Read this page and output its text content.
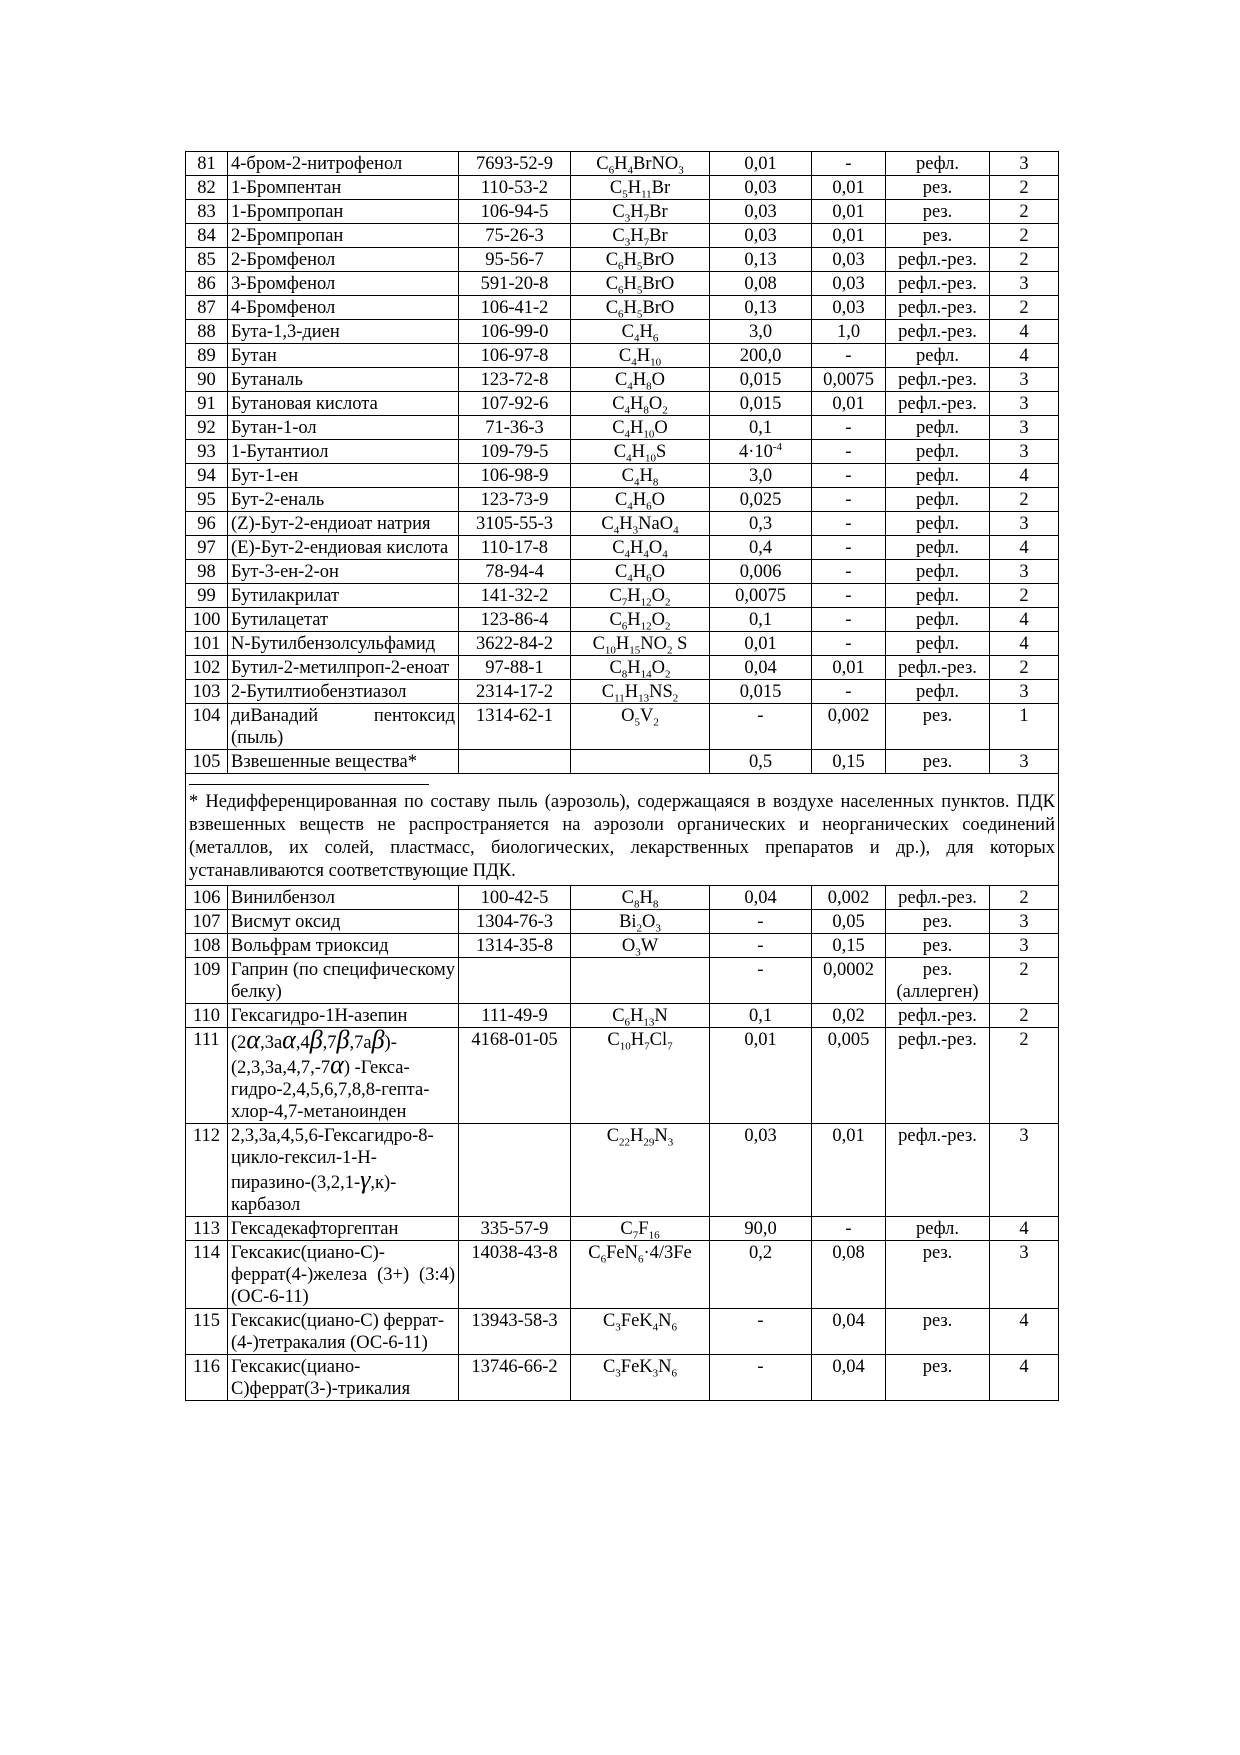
81	4-бром-2-нитрофенол	7693-52-9	$C_6H_4BrNO_3$	0,01	-	рефл.	3
82	1-Бромпентан	110-53-2	$C_5H_{11}Br$	0,03	0,01	рез.	2
83	1-Бромпропан	106-94-5	$C_3H_7Br$	0,03	0,01	рез.	2
84	2-Бромпропан	75-26-3	$C_3H_7Br$	0,03	0,01	рез.	2
85	2-Бромфенол	95-56-7	$C_6H_5BrO$	0,13	0,03	рефл.-рез.	2
86	3-Бромфенол	591-20-8	$C_6H_5BrO$	0,08	0,03	рефл.-рез.	3
87	4-Бромфенол	106-41-2	$C_6H_5BrO$	0,13	0,03	рефл.-рез.	2
88	Бута-1,3-диен	106-99-0	$C_4H_6$	3,0	1,0	рефл.-рез.	4
89	Бутан	106-97-8	$C_4H_{10}$	200,0	-	рефл.	4
90	Бутаналь	123-72-8	$C_4H_8O$	0,015	0,0075	рефл.-рез.	3
91	Бутановая кислота	107-92-6	$C_4H_8O_2$	0,015	0,01	рефл.-рез.	3
92	Бутан-1-ол	71-36-3	$C_4H_{10}O$	0,1	-	рефл.	3
93	1-Бутантиол	109-79-5	$C_4H_{10}S$	$4\cdot 10^{-4}$	-	рефл.	3
94	Бут-1-ен	106-98-9	$C_4H_8$	3,0	-	рефл.	4
95	Бут-2-еналь	123-73-9	$C_4H_6O$	0,025	-	рефл.	2
96	(Z)-Бут-2-ендиоат натрия	3105-55-3	$C_4H_3NaO_4$	0,3	-	рефл.	3
97	(E)-Бут-2-ендиовая кислота	110-17-8	$C_4H_4O_4$	0,4	-	рефл.	4
98	Бут-3-ен-2-он	78-94-4	$C_4H_6O$	0,006	-	рефл.	3
99	Бутилакрилат	141-32-2	$C_7H_{12}O_2$	0,0075	-	рефл.	2
100	Бутилацетат	123-86-4	$C_6H_{12}O_2$	0,1	-	рефл.	4
101	N-Бутилбензолсульфамид	3622-84-2	$C_{10}H_{15}NO_2$ S	0,01	-	рефл.	4
102	Бутил-2-метилпроп-2-еноат	97-88-1	$C_8H_{14}O_2$	0,04	0,01	рефл.-рез.	2
103	2-Бутилтиобензтиазол	2314-17-2	$C_{11}H_{13}NS_2$	0,015	-	рефл.	3
104	диВанадий пентоксид (пыль)	1314-62-1	$O_5V_2$	-	0,002	рез.	1
105	Взвешенные вещества*			0,5	0,15	рез.	3

* Недифференцированная по составу пыль (аэрозоль), содержащаяся в воздухе населенных пунктов. ПДК взвешенных веществ не распространяется на аэрозоли органических и неорганических соединений (металлов, их солей, пластмасс, биологических, лекарственных препаратов и др.), для которых устанавливаются соответствующие ПДК.							

106	Винилбензол	100-42-5	$C_8H_8$	0,04	0,002	рефл.-рез.	2
107	Висмут оксид	1304-76-3	$Bi_2O_3$	-	0,05	рез.	3
108	Вольфрам триоксид	1314-35-8	$O_3W$	-	0,15	рез.	3
109	Гаприн (по специфическому белку)			-	0,0002	рез. (аллерген)	2
110	Гексагидро-1Н-азепин	111-49-9	$C_6H_{13}N$	0,1	0,02	рефл.-рез.	2
111	(2α,3aα,4β,7β,7aβ)-(2,3,3a,4,7,-7α) -Гекса-гидро-2,4,5,6,7,8,8-гепта-хлор-4,7-метаноинден	4168-01-05	$C_{10}H_7Cl_7$	0,01	0,005	рефл.-рез.	2
112	2,3,3a,4,5,6-Гексагидро-8-цикло-гексил-1-Н-пиразино-(3,2,1-γ,к)-карбазол		$C_{22}H_{29}N_3$	0,03	0,01	рефл.-рез.	3
113	Гексадекафторгептан	335-57-9	$C_7F_{16}$	90,0	-	рефл.	4
114	Гексакис(циано-С)-феррат(4-)железа (3+) (3:4)(ОС-6-11)	14038-43-8	$C_6FeN_6\cdot 4/3Fe$	0,2	0,08	рез.	3
115	Гексакис(циано-С) феррат-(4-)тетракалия (ОС-6-11)	13943-58-3	$C_3FeK_4N_6$	-	0,04	рез.	4
116	Гексакис(циано-С)феррат(3-)-трикалия	13746-66-2	$C_3FeK_3N_6$	-	0,04	рез.	4
